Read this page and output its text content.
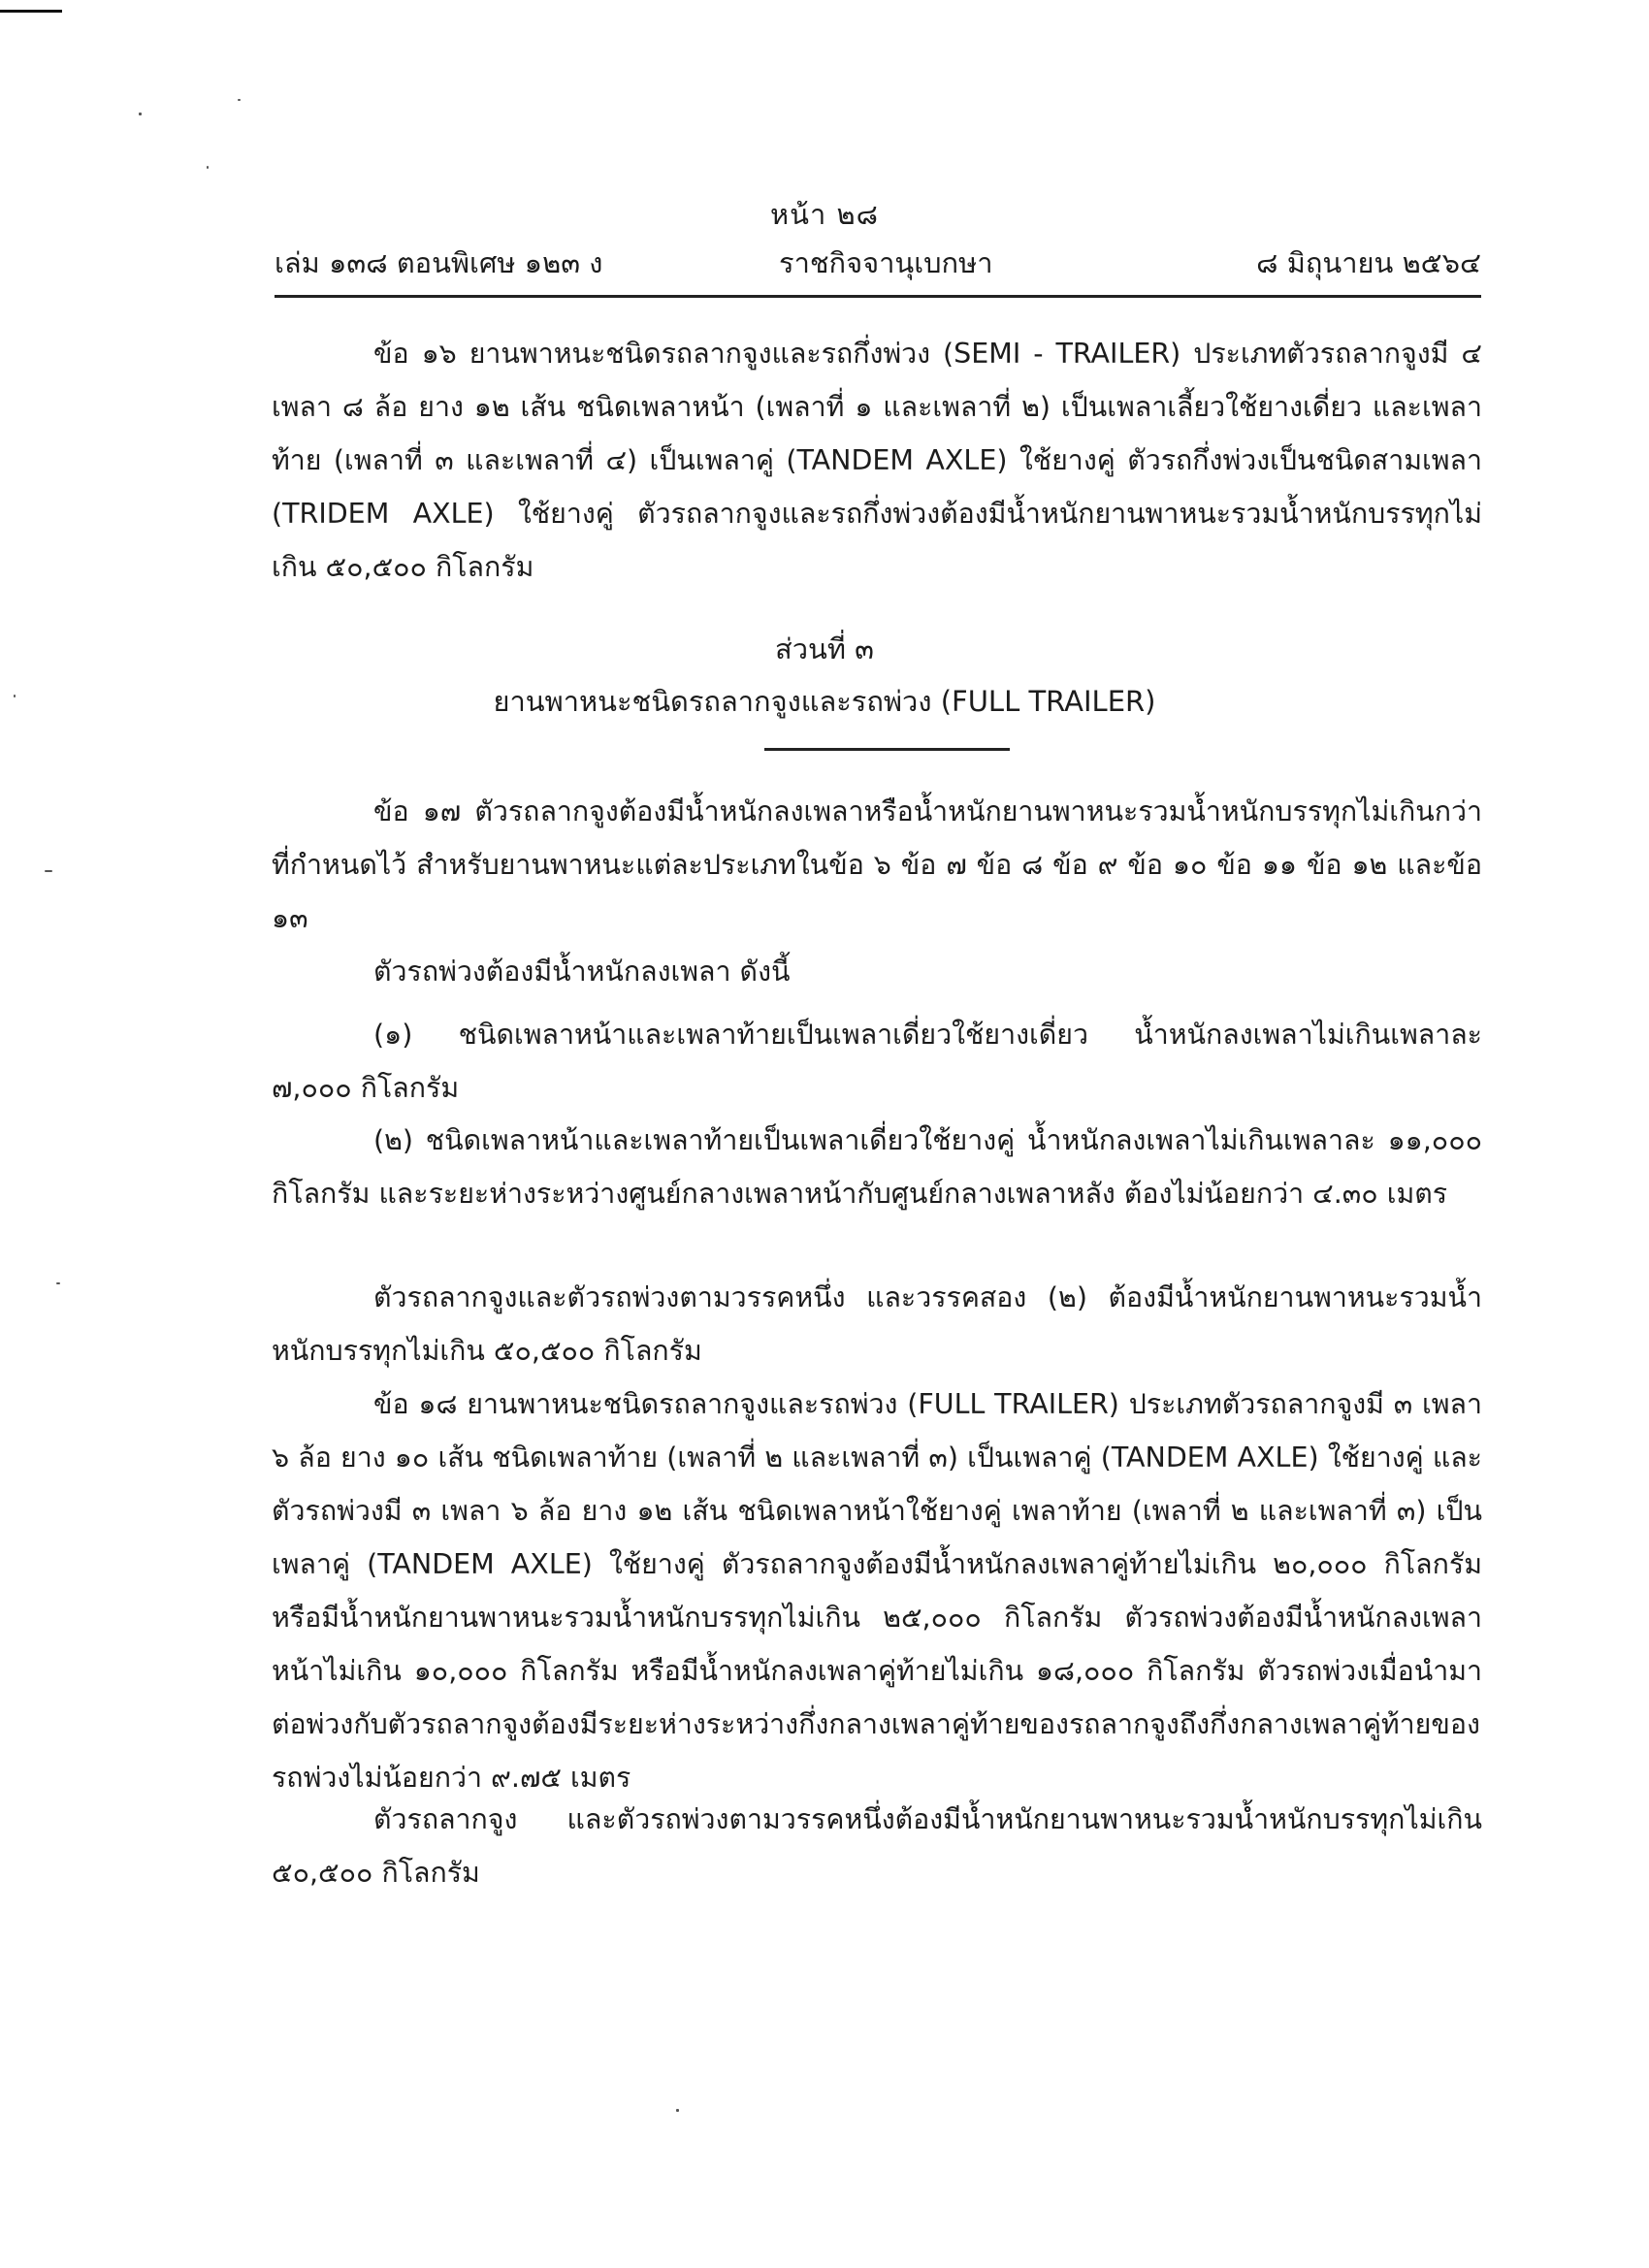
หน้า ๒๘
เล่ม ๑๓๘ ตอนพิเศษ ๑๒๓ ง	ราชกิจจานุเบกษา	๘ มิถุนายน ๒๕๖๔

ข้อ ๑๖ ยานพาหนะชนิดรถลากจูงและรถกึ่งพ่วง (SEMI - TRAILER) ประเภทตัวรถลากจูงมี ๔ เพลา ๘ ล้อ ยาง ๑๒ เส้น ชนิดเพลาหน้า (เพลาที่ ๑ และเพลาที่ ๒) เป็นเพลาเลี้ยวใช้ยางเดี่ยว และเพลาท้าย (เพลาที่ ๓ และเพลาที่ ๔) เป็นเพลาคู่ (TANDEM AXLE) ใช้ยางคู่ ตัวรถกึ่งพ่วงเป็นชนิดสามเพลา (TRIDEM AXLE) ใช้ยางคู่ ตัวรถลากจูงและรถกึ่งพ่วงต้องมีน้ำหนักยานพาหนะรวมน้ำหนักบรรทุกไม่เกิน ๕๐,๕๐๐ กิโลกรัม

ส่วนที่ ๓
ยานพาหนะชนิดรถลากจูงและรถพ่วง (FULL TRAILER)

ข้อ ๑๗ ตัวรถลากจูงต้องมีน้ำหนักลงเพลาหรือน้ำหนักยานพาหนะรวมน้ำหนักบรรทุกไม่เกินกว่าที่กำหนดไว้ สำหรับยานพาหนะแต่ละประเภทในข้อ ๖ ข้อ ๗ ข้อ ๘ ข้อ ๙ ข้อ ๑๐ ข้อ ๑๑ ข้อ ๑๒ และข้อ ๑๓

ตัวรถพ่วงต้องมีน้ำหนักลงเพลา ดังนี้

(๑) ชนิดเพลาหน้าและเพลาท้ายเป็นเพลาเดี่ยวใช้ยางเดี่ยว น้ำหนักลงเพลาไม่เกินเพลาละ ๗,๐๐๐ กิโลกรัม

(๒) ชนิดเพลาหน้าและเพลาท้ายเป็นเพลาเดี่ยวใช้ยางคู่ น้ำหนักลงเพลาไม่เกินเพลาละ ๑๑,๐๐๐ กิโลกรัม และระยะห่างระหว่างศูนย์กลางเพลาหน้ากับศูนย์กลางเพลาหลัง ต้องไม่น้อยกว่า ๔.๓๐ เมตร

ตัวรถลากจูงและตัวรถพ่วงตามวรรคหนึ่ง และวรรคสอง (๒) ต้องมีน้ำหนักยานพาหนะรวมน้ำหนักบรรทุกไม่เกิน ๕๐,๕๐๐ กิโลกรัม

ข้อ ๑๘ ยานพาหนะชนิดรถลากจูงและรถพ่วง (FULL TRAILER) ประเภทตัวรถลากจูงมี ๓ เพลา ๖ ล้อ ยาง ๑๐ เส้น ชนิดเพลาท้าย (เพลาที่ ๒ และเพลาที่ ๓) เป็นเพลาคู่ (TANDEM AXLE) ใช้ยางคู่ และตัวรถพ่วงมี ๓ เพลา ๖ ล้อ ยาง ๑๒ เส้น ชนิดเพลาหน้าใช้ยางคู่ เพลาท้าย (เพลาที่ ๒ และเพลาที่ ๓) เป็นเพลาคู่ (TANDEM AXLE) ใช้ยางคู่ ตัวรถลากจูงต้องมีน้ำหนักลงเพลาคู่ท้ายไม่เกิน ๒๐,๐๐๐ กิโลกรัม หรือมีน้ำหนักยานพาหนะรวมน้ำหนักบรรทุกไม่เกิน ๒๕,๐๐๐ กิโลกรัม ตัวรถพ่วงต้องมีน้ำหนักลงเพลาหน้าไม่เกิน ๑๐,๐๐๐ กิโลกรัม หรือมีน้ำหนักลงเพลาคู่ท้ายไม่เกิน ๑๘,๐๐๐ กิโลกรัม ตัวรถพ่วงเมื่อนำมาต่อพ่วงกับตัวรถลากจูงต้องมีระยะห่างระหว่างกึ่งกลางเพลาคู่ท้ายของรถลากจูงถึงกึ่งกลางเพลาคู่ท้ายของรถพ่วงไม่น้อยกว่า ๙.๗๕ เมตร

ตัวรถลากจูง และตัวรถพ่วงตามวรรคหนึ่งต้องมีน้ำหนักยานพาหนะรวมน้ำหนักบรรทุกไม่เกิน ๕๐,๕๐๐ กิโลกรัม
